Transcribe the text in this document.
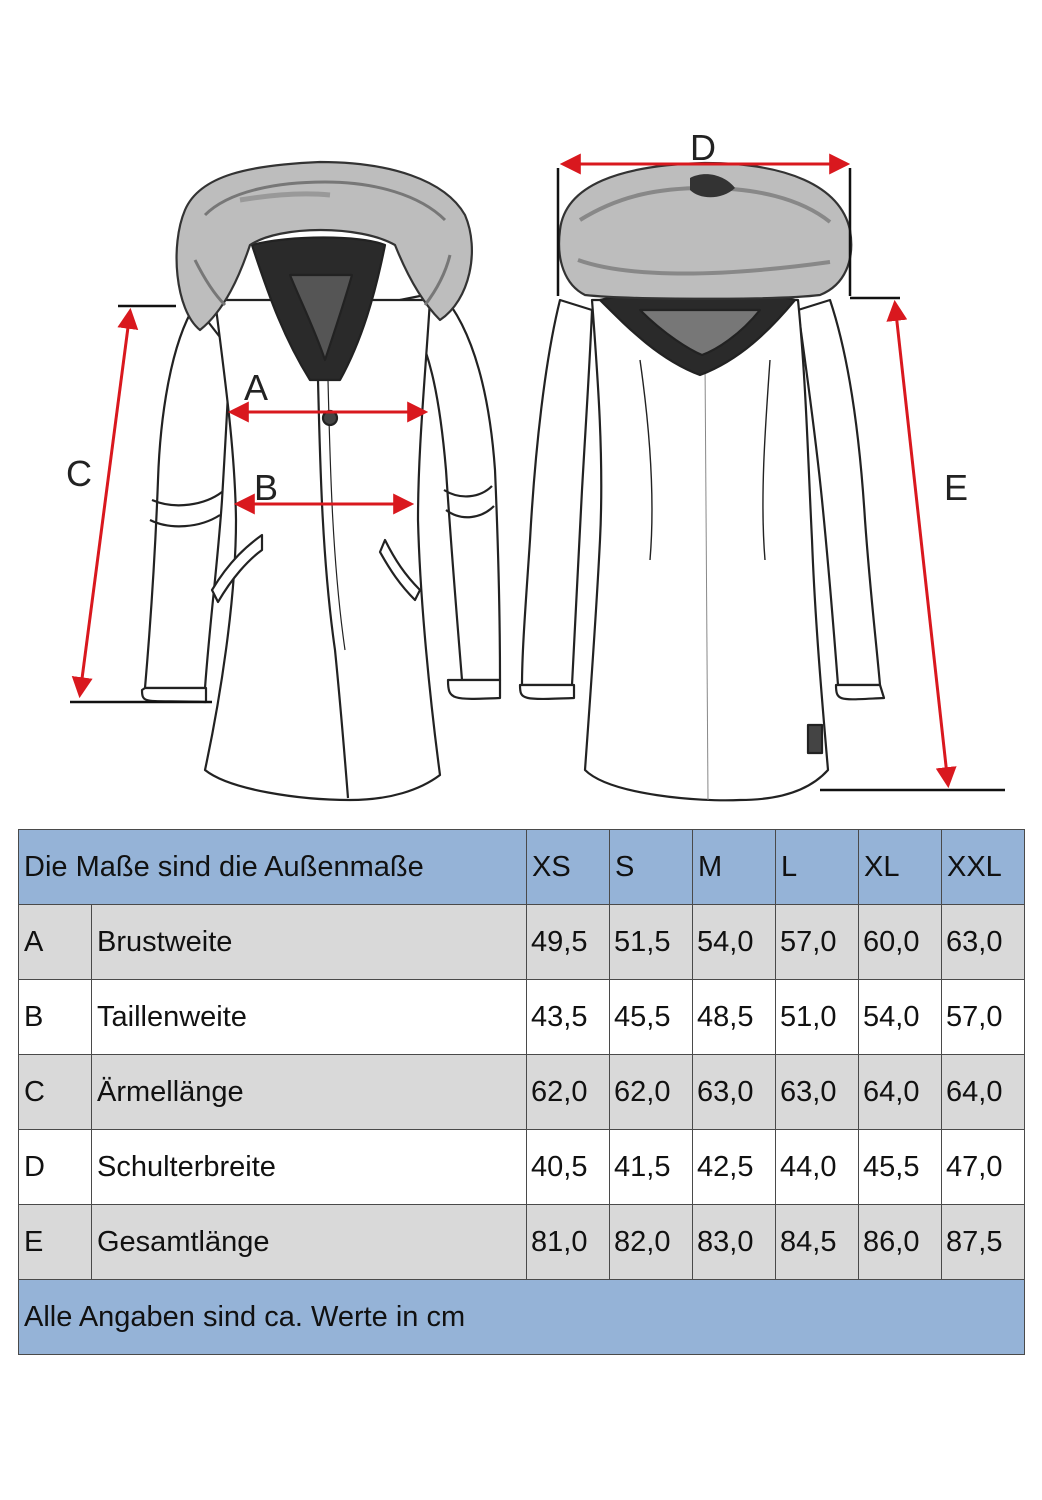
C
A
B
D
E
Die Maße sind die Außenmaße		XS	S	M	L	XL	XXL
A	Brustweite	49,5	51,5	54,0	57,0	60,0	63,0
B	Taillenweite	43,5	45,5	48,5	51,0	54,0	57,0
C	Ärmellänge	62,0	62,0	63,0	63,0	64,0	64,0
D	Schulterbreite	40,5	41,5	42,5	44,0	45,5	47,0
E	Gesamtlänge	81,0	82,0	83,0	84,5	86,0	87,5
Alle Angaben sind ca. Werte in cm							
